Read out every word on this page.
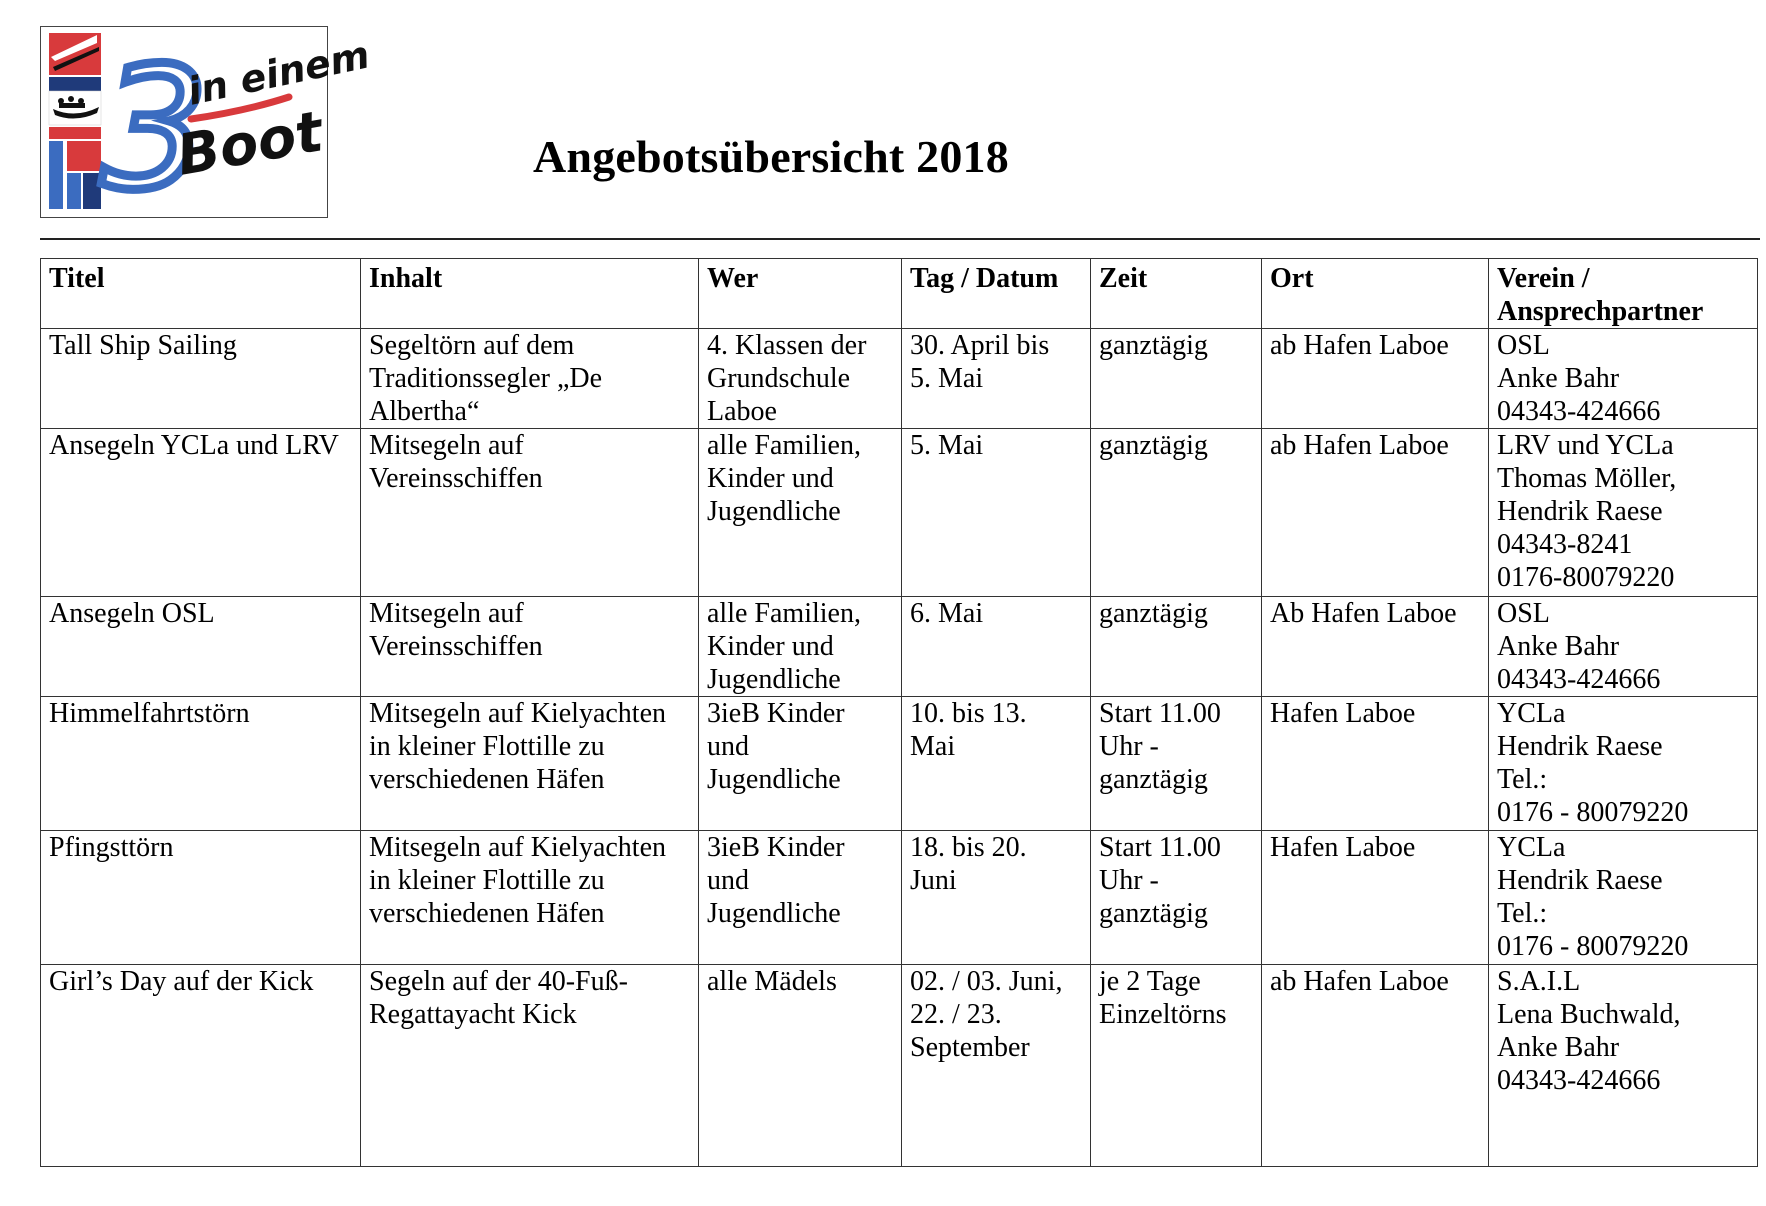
3
in einem
Boot	Angebotsübersicht 2018
Titel	Inhalt	Wer	Tag / Datum	Zeit	Ort	Verein /
Ansprechpartner

Tall Ship Sailing	Segeltörn auf dem
Traditionssegler „De
Albertha“	4. Klassen der
Grundschule
Laboe	30. April bis
5. Mai	ganztägig	ab Hafen Laboe	OSL
Anke Bahr
04343-424666

Ansegeln YCLa und LRV	Mitsegeln auf
Vereinsschiffen	alle Familien,
Kinder und
Jugendliche	5. Mai	ganztägig	ab Hafen Laboe	LRV und YCLa
Thomas Möller,
Hendrik Raese
04343-8241
0176-80079220

Ansegeln OSL	Mitsegeln auf
Vereinsschiffen	alle Familien,
Kinder und
Jugendliche	6. Mai	ganztägig	Ab Hafen Laboe	OSL
Anke Bahr
04343-424666

Himmelfahrtstörn	Mitsegeln auf Kielyachten
in kleiner Flottille zu
verschiedenen Häfen	3ieB Kinder
und
Jugendliche	10. bis 13.
Mai	Start 11.00
Uhr -
ganztägig	Hafen Laboe	YCLa
Hendrik Raese
Tel.:
0176 - 80079220

Pfingsttörn	Mitsegeln auf Kielyachten
in kleiner Flottille zu
verschiedenen Häfen	3ieB Kinder
und
Jugendliche	18. bis 20.
Juni	Start 11.00
Uhr -
ganztägig	Hafen Laboe	YCLa
Hendrik Raese
Tel.:
0176 - 80079220

Girl’s Day auf der Kick	Segeln auf der 40-Fuß-
Regattayacht Kick	alle Mädels	02. / 03. Juni,
22. / 23.
September	je 2 Tage
Einzeltörns	ab Hafen Laboe	S.A.I.L
Lena Buchwald,
Anke Bahr
04343-424666
